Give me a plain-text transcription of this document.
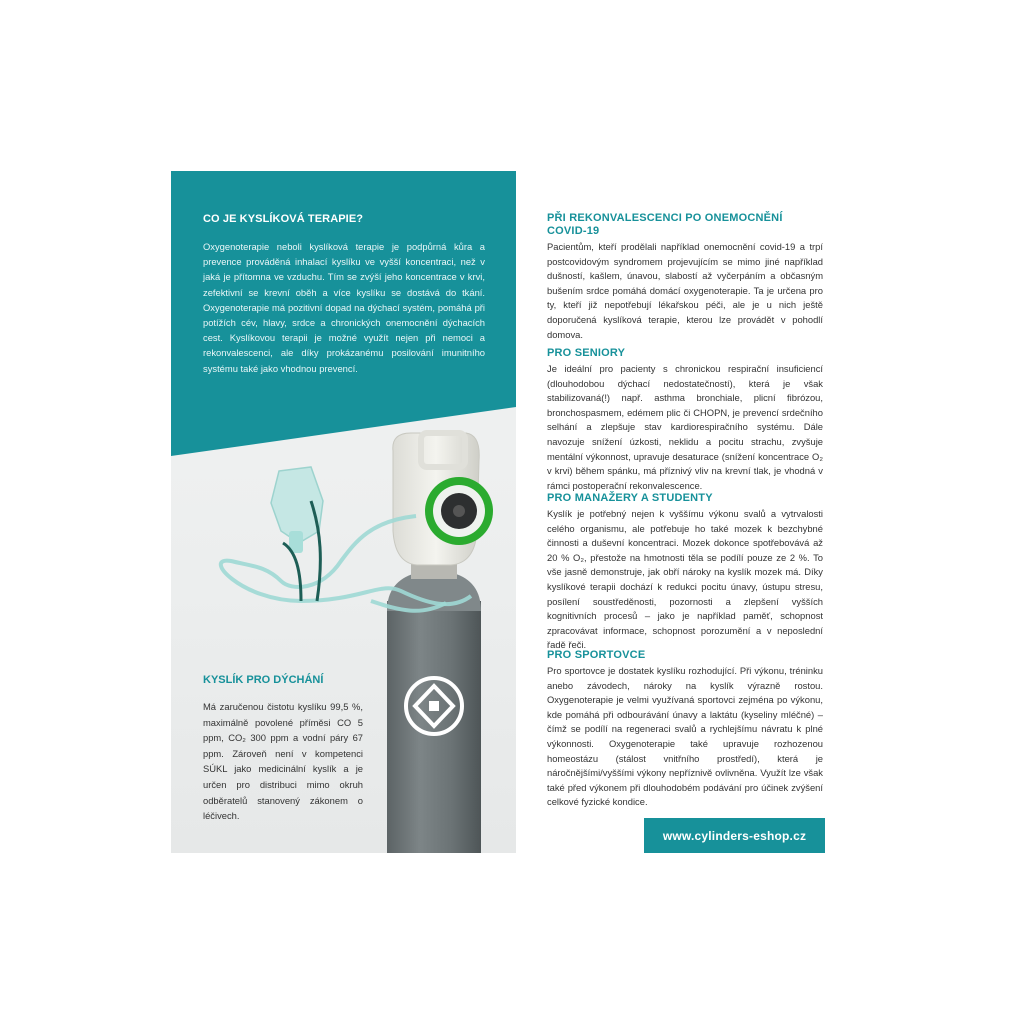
CO JE KYSLÍKOVÁ TERAPIE?

Oxygenoterapie neboli kyslíková terapie je podpůrná kůra a prevence prováděná inhalací kyslíku ve vyšší koncentraci, než v jaká je přítomna ve vzduchu. Tím se zvýší jeho koncentrace v krvi, zefektivní se krevní oběh a více kyslíku se dostává do tkání. Oxygenoterapie má pozitivní dopad na dýchací systém, pomáhá při potížích cév, hlavy, srdce a chronických onemocnění dýchacích cest. Kyslíkovou terapii je možné využít nejen při nemoci a rekonvalescenci, ale díky prokázanému posilování imunitního systému také jako vhodnou prevencí.

KYSLÍK PRO DÝCHÁNÍ

Má zaručenou čistotu kyslíku 99,5 %, maximálně povolené příměsi CO 5 ppm, CO₂ 300 ppm a vodní páry 67 ppm. Zároveň není v kompetenci SÚKL jako medicinální kyslík a je určen pro distribuci mimo okruh odběratelů stanovený zákonem o léčivech.

PŘI REKONVALESCENCI PO ONEMOCNĚNÍ COVID-19

Pacientům, kteří prodělali například onemocnění covid-19 a trpí postcovidovým syndromem projevujícím se mimo jiné například dušností, kašlem, únavou, slabostí až vyčerpáním a občasným bušením srdce pomáhá domácí oxygenoterapie. Ta je určena pro ty, kteří již nepotřebují lékařskou péči, ale je u nich ještě doporučená kyslíková terapie, kterou lze provádět v pohodlí domova.

PRO SENIORY

Je ideální pro pacienty s chronickou respirační insuficiencí (dlouhodobou dýchací nedostatečností), která je však stabilizovaná(!) např. asthma bronchiale, plicní fibrózou, bronchospasmem, edémem plic či CHOPN, je prevencí srdečního selhání a zlepšuje stav kardiorespiračního systému. Dále navozuje snížení úzkosti, neklidu a pocitu strachu, zvyšuje mentální výkonnost, upravuje desaturace (snížení koncentrace O₂ v krvi) během spánku, má příznivý vliv na krevní tlak, je vhodná v rámci postoperační rekonvalescence.

PRO MANAŽERY A STUDENTY

Kyslík je potřebný nejen k vyššímu výkonu svalů a vytrvalosti celého organismu, ale potřebuje ho také mozek k bezchybné činnosti a duševní koncentraci. Mozek dokonce spotřebovává až 20 % O₂, přestože na hmotnosti těla se podílí pouze ze 2 %. To vše jasně demonstruje, jak obří nároky na kyslík mozek má. Díky kyslíkové terapii dochází k redukci pocitu únavy, ústupu stresu, posílení soustředěnosti, pozornosti a zlepšení vyšších kognitivních procesů – jako je například paměť, schopnost zpracovávat informace, schopnost porozumění a v neposlední řadě řeči.

PRO SPORTOVCE

Pro sportovce je dostatek kyslíku rozhodující. Při výkonu, tréninku anebo závodech, nároky na kyslík výrazně rostou. Oxygenoterapie je velmi využívaná sportovci zejména po výkonu, kde pomáhá při odbourávání únavy a laktátu (kyseliny mléčné) – čímž se podílí na regeneraci svalů a rychlejšímu návratu k plné výkonnosti. Oxygenoterapie také upravuje rozhozenou homeostázu (stálost vnitřního prostředí), která je náročnějšími/vyššími výkony nepříznivě ovlivněna. Využít lze však také před výkonem při dlouhodobém podávání pro účinek zvýšení celkové fyzické kondice.

www.cylinders-eshop.cz
